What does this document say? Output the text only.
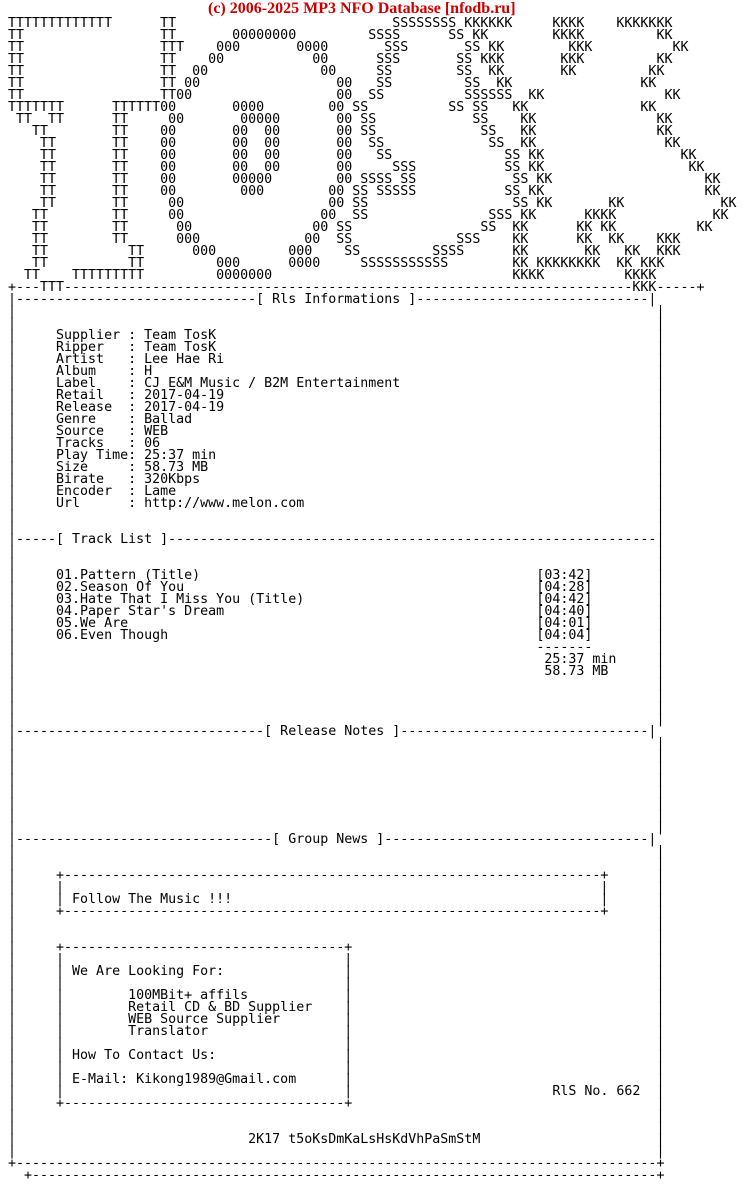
(c) 2006-2025 MP3 NFO Database [nfodb.ru]
TTTTTTTTTTTTT      TT                           SSSSSSSS KKKKKK     KKKK    KKKKKKK
TT                 TT       00000000         SSSS      SS KK        KKKK         KK
TT                 TTT    000       0000       SSS       SS KK        KKK          KK
TT                 TT    00           00      SSS       SS KKK       KKK         KK
TT                 TT  00              00     SS        SS  KK       KK         KK
TT                 TT 00                 00   SS         SS  KK                KK
TT                 TT00                  00  SS          SSSSSS  KK               KK
TTTTTTT      TTTTTT00       0000        00 SS          SS SS   KK              KK
TT  TT      TT     00       00000       00 SS            SS    KK               KK
TT        TT    00       00  00       00 SS             SS   KK               KK
TT       TT    00       00  00       00  SS             SS  KK                KK
TT       TT    00       00  00       00   SS              SS KK                 KK
TT       TT    00       00  00       00     SSS           SS KK                  KK
TT       TT    00       00000        00 SSSS SS            SS KK                   KK
TT       TT    00        000        00 SS SSSSS           SS KK                    KK
TT       TT     00                  00 SS                  SS KK       KK            KK
TT        TT     00                 00  SS               SSS KK      KKKK            KK
TT        TT      00               00 SS                SS  KK      KK KK          KK
TT        TT      000             00  SS             SSS    KK      KK  KK    KKK
TT          TT      000         000    SS         SSSS      KK       KK   KK  KKK
TT          TT         000      0000     SSSSSSSSSSS        KK KKKKKKKK  KK KKK
TT    TTTTTTTTT         0000000                              KKKK          KKKK
+---TTT-----------------------------------------------------------------------KKK-----+
|------------------------------[ Rls Informations ]-----------------------------|
|                                                                                |
|                                                                                |
|     Supplier : Team TosK                                                       |
|     Ripper   : Team TosK                                                       |
|     Artist   : Lee Hae Ri                                                      |
|     Album    : H                                                               |
|     Label    : CJ E&M Music / B2M Entertainment                                |
|     Retail   : 2017-04-19                                                      |
|     Release  : 2017-04-19                                                      |
|     Genre    : Ballad                                                          |
|     Source   : WEB                                                             |
|     Tracks   : 06                                                              |
|     Play Time: 25:37 min                                                       |
|     Size     : 58.73 MB                                                        |
|     Birate   : 320Kbps                                                         |
|     Encoder  : Lame                                                            |
|     Url      : http://www.melon.com                                            |
|                                                                                |
|                                                                                |
|-----[ Track List ]-------------------------------------------------------------|
|                                                                                |
|                                                                                |
|     01.Pattern (Title)                                          [03:42]        |
|     02.Season Of You                                            [04:28]        |
|     03.Hate That I Miss You (Title)                             [04:42]        |
|     04.Paper Star's Dream                                       [04:40]        |
|     05.We Are                                                   [04:01]        |
|     06.Even Though                                              [04:04]        |
|                                                                 -------        |
|                                                                  25:37 min     |
|                                                                  58.73 MB      |
|                                                                                |
|                                                                                |
|                                                                                |
|                                                                                |
|-------------------------------[ Release Notes ]-------------------------------|
|                                                                                |
|                                                                                |
|                                                                                |
|                                                                                |
|                                                                                |
|                                                                                |
|                                                                                |
|                                                                                |
|--------------------------------[ Group News ]---------------------------------|
|                                                                                |
|                                                                                |
|     +-------------------------------------------------------------------+      |
|     |                                                                   |      |
|     | Follow The Music !!!                                              |      |
|     +-------------------------------------------------------------------+      |
|                                                                                |
|                                                                                |
|     +-----------------------------------+                                      |
|     |                                   |                                      |
|     | We Are Looking For:               |                                      |
|     |                                   |                                      |
|     |        100MBit+ affils            |                                      |
|     |        Retail CD & BD Supplier    |                                      |
|     |        WEB Source Supplier        |                                      |
|     |        Translator                 |                                      |
|     |                                   |                                      |
|     | How To Contact Us:                |                                      |
|     |                                   |                                      |
|     | E-Mail: Kikong1989@Gmail.com      |                                      |
|     |                                   |                         RlS No. 662  |
|     +-----------------------------------+                                      |
|                                                                                |
|                                                                                |
|                             2K17 t5oKsDmKaLsHsKdVhPaSmStM                      |
|                                                                                |
+--------------------------------------------------------------------------------+
+------------------------------------------------------------------------------+
